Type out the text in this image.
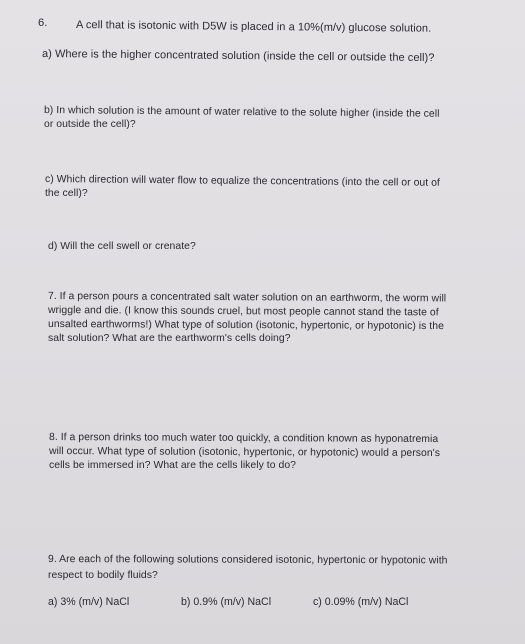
6.	A cell that is isotonic with D5W is placed in a 10%(m/v) glucose solution.
a) Where is the higher concentrated solution (inside the cell or outside the cell)?
b) In which solution is the amount of water relative to the solute higher (inside the cell
or outside the cell)?
c) Which direction will water flow to equalize the concentrations (into the cell or out of
the cell)?
d) Will the cell swell or crenate?
7. If a person pours a concentrated salt water solution on an earthworm, the worm will
wriggle and die. (I know this sounds cruel, but most people cannot stand the taste of
unsalted earthworms!) What type of solution (isotonic, hypertonic, or hypotonic) is the
salt solution? What are the earthworm's cells doing?
8. If a person drinks too much water too quickly, a condition known as hyponatremia
will occur. What type of solution (isotonic, hypertonic, or hypotonic) would a person's
cells be immersed in? What are the cells likely to do?
9. Are each of the following solutions considered isotonic, hypertonic or hypotonic with
respect to bodily fluids?
a) 3% (m/v) NaCl	b) 0.9% (m/v) NaCl	c) 0.09% (m/v) NaCl
